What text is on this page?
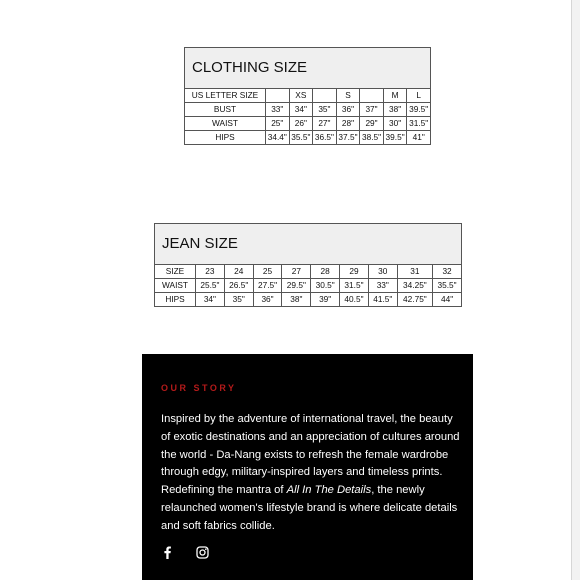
CLOTHING SIZE							
US LETTER SIZE		XS		S		M	L
BUST	33"	34"	35"	36"	37"	38"	39.5"
WAIST	25"	26"	27"	28"	29"	30"	31.5"
HIPS	34.4"	35.5"	36.5"	37.5"	38.5"	39.5"	41"
JEAN SIZE									
SIZE	23	24	25	27	28	29	30	31	32
WAIST	25.5"	26.5"	27.5"	29.5"	30.5"	31.5"	33"	34.25"	35.5"
HIPS	34"	35"	36"	38"	39"	40.5"	41.5"	42.75"	44"
OUR STORY
Inspired by the adventure of international travel, the beauty of exotic destinations and an appreciation of cultures around the world - Da-Nang exists to refresh the female wardrobe through edgy, military-inspired layers and timeless prints. Redefining the mantra of All In The Details, the newly relaunched women's lifestyle brand is where delicate details and soft fabrics collide.
